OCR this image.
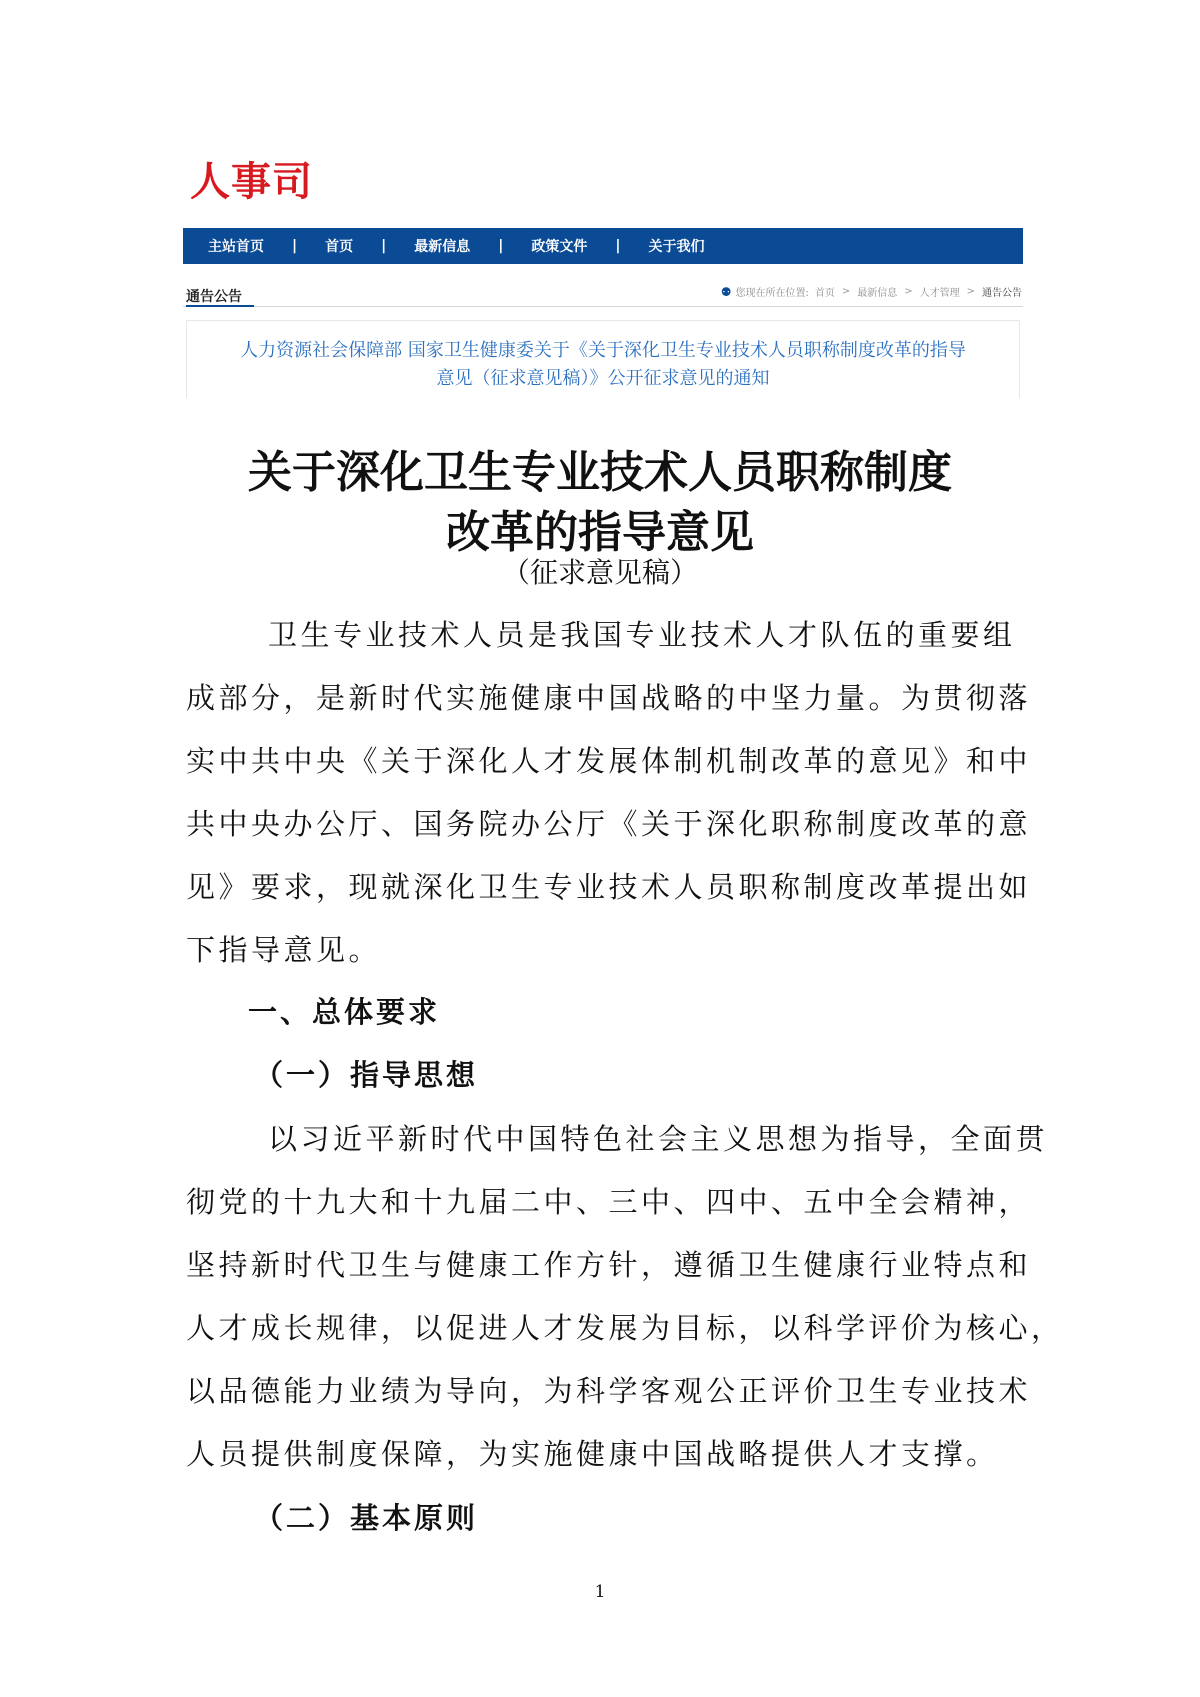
人事司
主站首页 | 首页 | 最新信息 | 政策文件 | 关于我们
通告公告	⚉ 您现在所在位置: 首页 > 最新信息 > 人才管理 > 通告公告
人力资源社会保障部 国家卫生健康委关于《关于深化卫生专业技术人员职称制度改革的指导
意见（征求意见稿）》公开征求意见的通知
关于深化卫生专业技术人员职称制度
改革的指导意见
（征求意见稿）
卫生专业技术人员是我国专业技术人才队伍的重要组
成部分，是新时代实施健康中国战略的中坚力量。为贯彻落
实中共中央《关于深化人才发展体制机制改革的意见》和中
共中央办公厅、国务院办公厅《关于深化职称制度改革的意
见》要求，现就深化卫生专业技术人员职称制度改革提出如
下指导意见。
一、总体要求
（一）指导思想
以习近平新时代中国特色社会主义思想为指导，全面贯
彻党的十九大和十九届二中、三中、四中、五中全会精神，
坚持新时代卫生与健康工作方针，遵循卫生健康行业特点和
人才成长规律，以促进人才发展为目标，以科学评价为核心，
以品德能力业绩为导向，为科学客观公正评价卫生专业技术
人员提供制度保障，为实施健康中国战略提供人才支撑。
（二）基本原则
1
